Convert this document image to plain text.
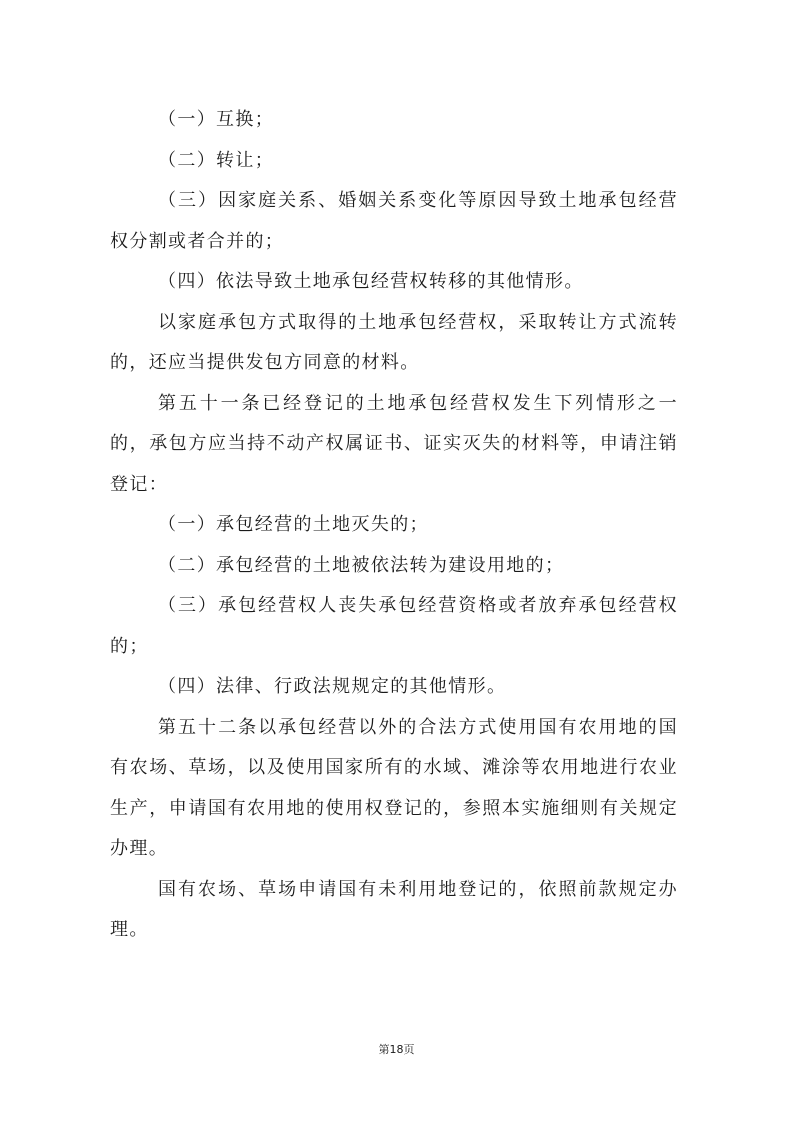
（一）互换；

（二）转让；

（三）因家庭关系、婚姻关系变化等原因导致土地承包经营权分割或者合并的；

（四）依法导致土地承包经营权转移的其他情形。

以家庭承包方式取得的土地承包经营权，采取转让方式流转的，还应当提供发包方同意的材料。

第五十一条已经登记的土地承包经营权发生下列情形之一的，承包方应当持不动产权属证书、证实灭失的材料等，申请注销登记：

（一）承包经营的土地灭失的；

（二）承包经营的土地被依法转为建设用地的；

（三）承包经营权人丧失承包经营资格或者放弃承包经营权的；

（四）法律、行政法规规定的其他情形。

第五十二条以承包经营以外的合法方式使用国有农用地的国有农场、草场，以及使用国家所有的水域、滩涂等农用地进行农业生产，申请国有农用地的使用权登记的，参照本实施细则有关规定办理。

国有农场、草场申请国有未利用地登记的，依照前款规定办理。

第18页
